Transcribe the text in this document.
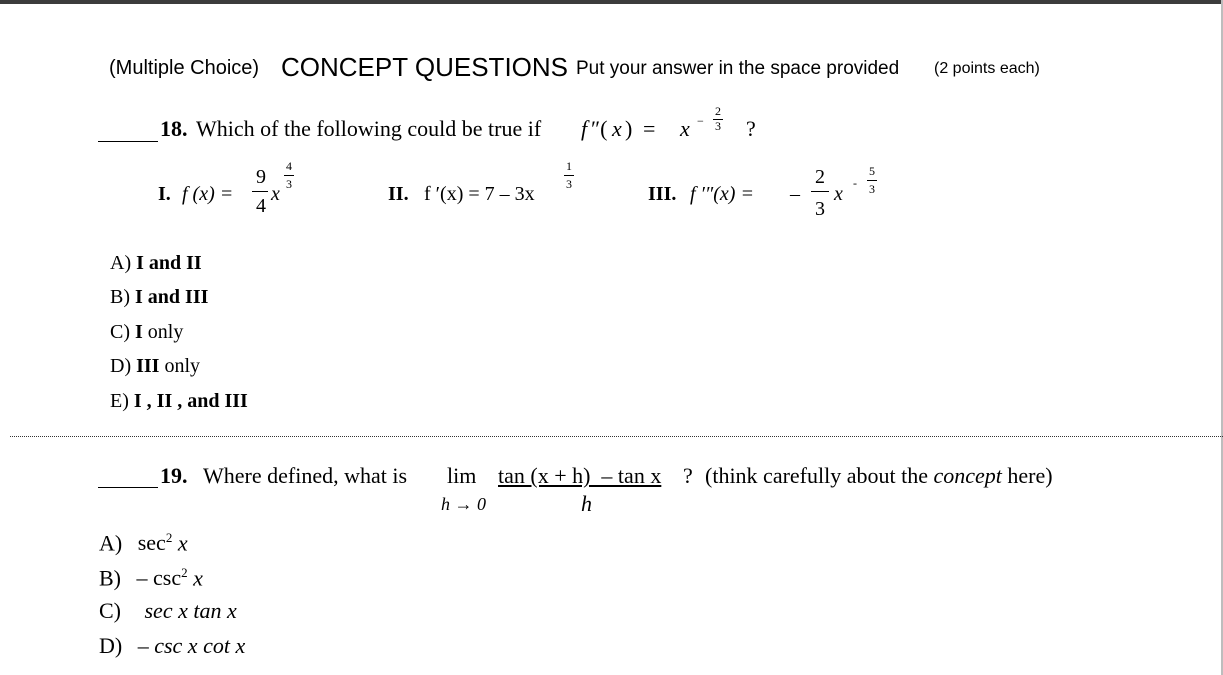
(Multiple Choice) CONCEPT QUESTIONS Put your answer in the space provided (2 points each)
18. Which of the following could be true if f ″( x ) = x −
2
3 ?
I. f (x) =
9
4
x
4
3	II. f ′(x) = 7 – 3x
1
3	III. f ′″(x) = –
2
3
x -
5
3
A) I and II
B) I and III
C) I only
D) III only
E) I , II , and III
19. Where defined, what is lim
h → 0
tan (x + h)  – tan x
h
? (think carefully about the concept here)
A) $\sec^2 x$
$B) - \csc^2 x$
C) sec x tan x
D) – csc x cot x
